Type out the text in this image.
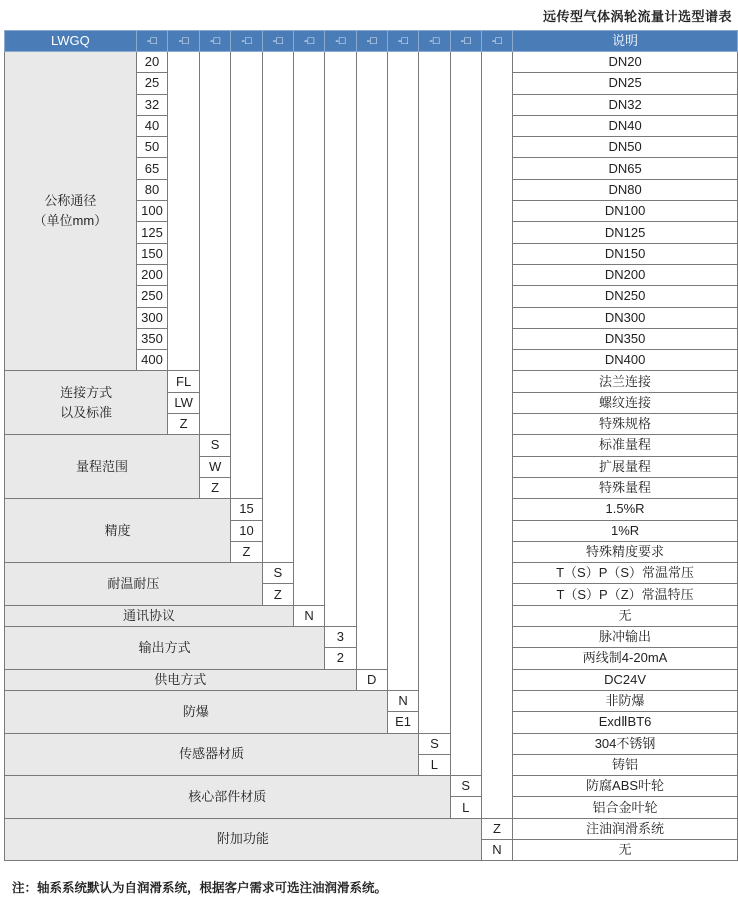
远传型气体涡轮流量计选型谱表
LWGQ	-□	-□	-□	-□	-□	-□	-□	-□	-□	-□	-□	-□	说明

公称通径
（单位mm）	20												DN20
	25												DN25
	32												DN32
	40												DN40
	50												DN50
	65												DN65
	80												DN80
	100												DN100
	125												DN125
	150												DN150
	200												DN200
	250												DN250
	300												DN300
	350												DN350
	400												DN400

连接方式
以及标准		FL											法兰连接
		LW											螺纹连接
		Z											特殊规格

量程范围			S										标准量程
			W										扩展量程
			Z										特殊量程

精度				15									1.5%R
				10									1%R
				Z									特殊精度要求

耐温耐压					S								T（S）P（S）常温常压
					Z								T（S）P（Z）常温特压

通讯协议						N							无

输出方式							3						脉冲输出
							2						两线制4-20mA

供电方式								D					DC24V

防爆									N				非防爆
									E1				ExdⅡBT6

传感器材质										S			304不锈钢
										L			铸铝

核心部件材质											S		防腐ABS叶轮
											L		铝合金叶轮

附加功能												Z	注油润滑系统
												N	无
注：轴系系统默认为自润滑系统，根据客户需求可选注油润滑系统。
